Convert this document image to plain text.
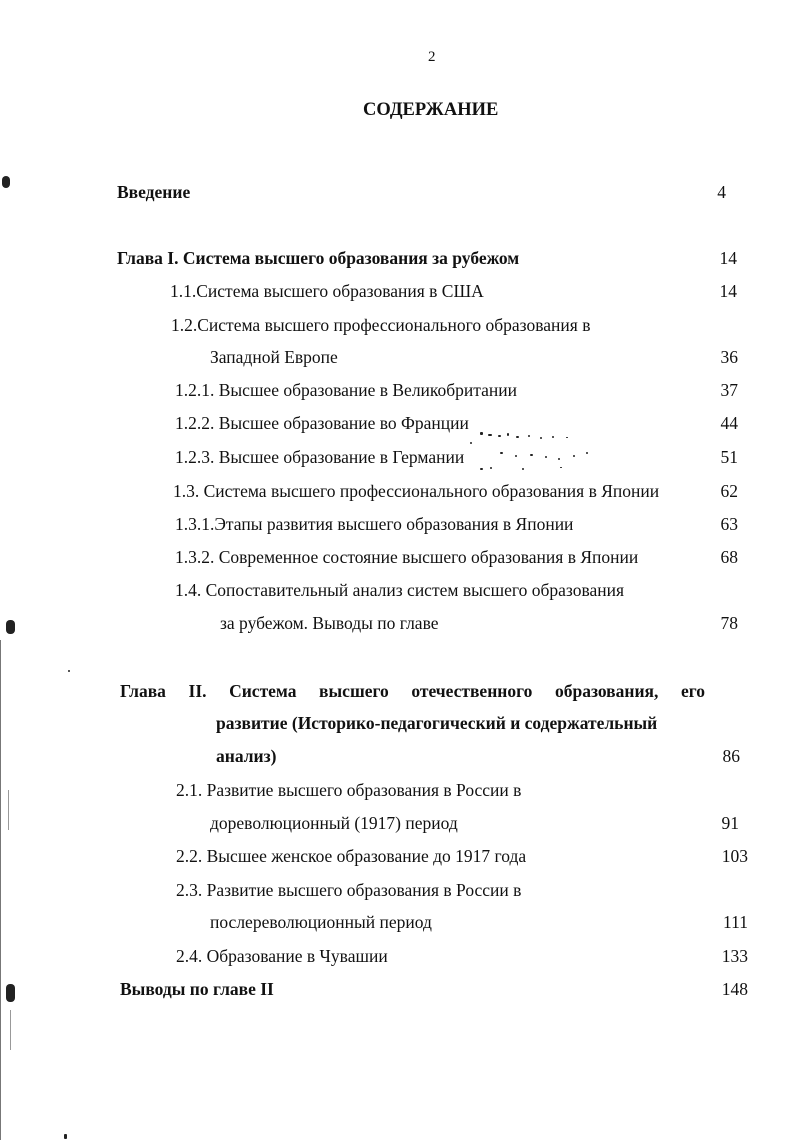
2
СОДЕРЖАНИЕ
Введение	4
Глава I. Система высшего образования за рубежом	14
1.1.Система высшего образования в США	14
1.2.Система высшего профессионального образования в
Западной Европе	36
1.2.1. Высшее образование в Великобритании	37
1.2.2. Высшее образование во Франции	44
1.2.3. Высшее образование в Германии	51
1.3. Система высшего профессионального образования в Японии	62
1.3.1.Этапы развития высшего образования в Японии	63
1.3.2. Современное состояние высшего образования в Японии	68
1.4. Сопоставительный анализ систем высшего образования
за рубежом. Выводы по главе	78
Глава II. Система высшего отечественного образования, его
развитие (Историко-педагогический и содержательный
анализ)	86
2.1. Развитие высшего образования в России в
дореволюционный (1917) период	91
2.2. Высшее женское образование до 1917 года	103
2.3. Развитие высшего образования в России в
послереволюционный период	111
2.4. Образование в Чувашии	133
Выводы по главе II	148
